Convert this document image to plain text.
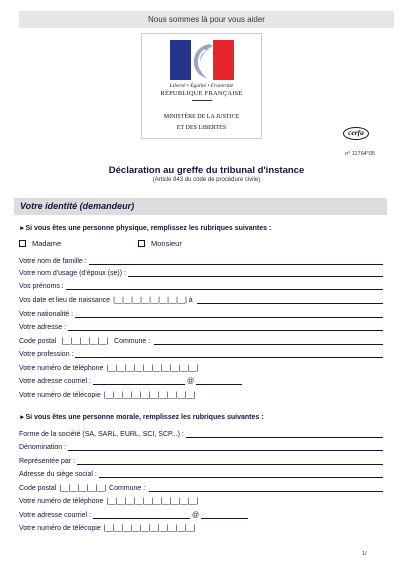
Nous sommes là pour vous aider
Liberté • Égalité • Fraternité
RÉPUBLIQUE FRANÇAISE
MINISTÈRE DE LA JUSTICE
ET DES LIBERTÉS	cerfa
n° 11764*05
Déclaration au greffe du tribunal d'instance
(Article 843 du code de procédure civile)
Votre identité (demandeur)
►Si vous êtes une personne physique, remplissez les rubriques suivantes :
Madame	Monsieur
Votre nom de famille :
Votre nom d'usage (d'époux (se)) :
Vos prénoms :
Vos date et lieu de naissance |__|__|__|__|__|__|__|__| à
Votre nationalité :
Votre adresse :
Code postal |__|__|__|__|__| Commune :
Votre profession :
Votre numéro de téléphone |__|__|__|__|__|__|__|__|__|__|
Votre adresse courriel :	@
Votre numéro de télécopie |__|__|__|__|__|__|__|__|__|__|
►Si vous êtes une personne morale, remplissez les rubriques suivantes :
Forme de la société (SA, SARL, EURL, SCI, SCP...) :
Dénomination :
Représentée par :
Adresse du siège social :
Code postal |__|__|__|__|__| Commune :
Votre numéro de téléphone |__|__|__|__|__|__|__|__|__|__|
Votre adresse courriel :	@
Votre numéro de télécopie |__|__|__|__|__|__|__|__|__|__|
1/
